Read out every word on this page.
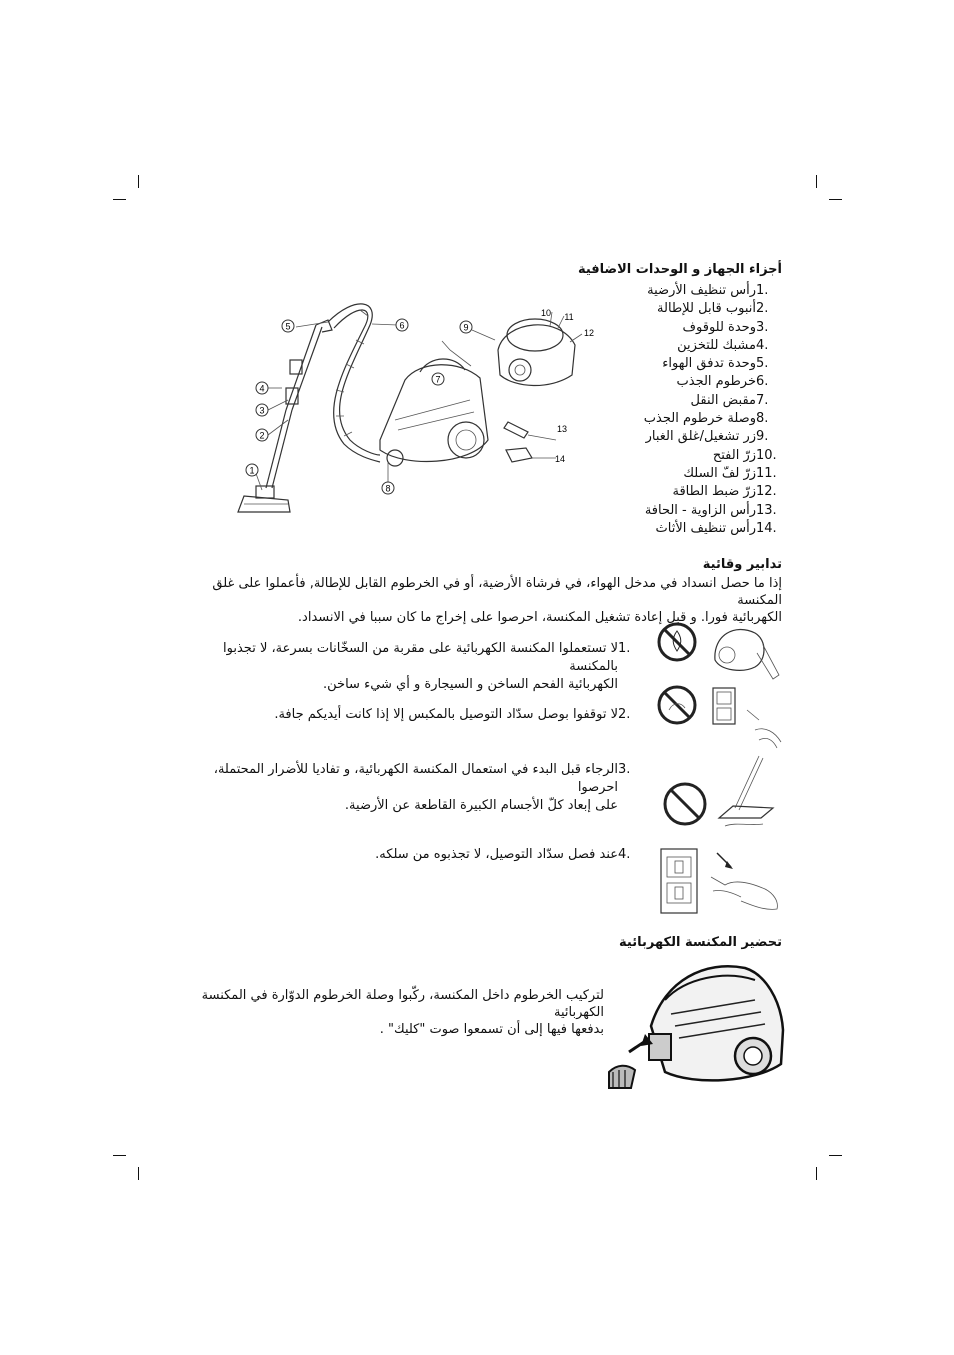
أجزاء الجهاز و الوحدات الاضافية
1.
رأس تنظيف الأرضية
2.
أنبوب قابل للإطالة
3.
وحدة للوقوف
4.
مشبك للتخزين
5.
وحدة تدفق الهواء
6.
خرطوم الجذب
7.
مقبض النقل
8.
وصلة خرطوم الجذب
9.
زر تشغيل/غلق الغبار
10.
زرّ الفتح
11.
زرّ لفّ السلك
12.
زرّ ضبط الطاقة
13.
رأس الزاوية - الحافة
14.
رأس تنظيف الأثاث
1
2
3
4
5	6
7
8
9
10 11
12
13
14
تدابير وقائية
إذا ما حصل انسداد في مدخل الهواء، في فرشاة الأرضية، أو في الخرطوم القابل للإطالة, فأعملوا على غلق المكنسة
الكهربائية فورا. و قبل إعادة تشغيل المكنسة، احرصوا على إخراج ما كان سببا في الانسداد.
1.
لا تستعملوا المكنسة الكهربائية على مقربة من السخّانات بسرعة، لا تجذبوا بالمكنسة
الكهربائية الفحم الساخن و السيجارة و أي شيء ساخن.
2.
لا توقفوا بوصل سدّاد التوصيل بالمكبس إلا إذا كانت أيديكم جافة.
3.
الرجاء قبل البدء في استعمال المكنسة الكهربائية، و تفاديا للأضرار المحتملة، احرصوا
على إبعاد كلّ الأجسام الكبيرة القاطعة عن الأرضية.
4.
عند فصل سدّاد التوصيل، لا تجذبوه من سلكه.
تحضير المكنسة الكهربائية
لتركيب الخرطوم داخل المكنسة، ركّبوا وصلة الخرطوم الدوّارة في المكنسة الكهربائية
بدفعها فيها إلى أن تسمعوا صوت "كليك" .
